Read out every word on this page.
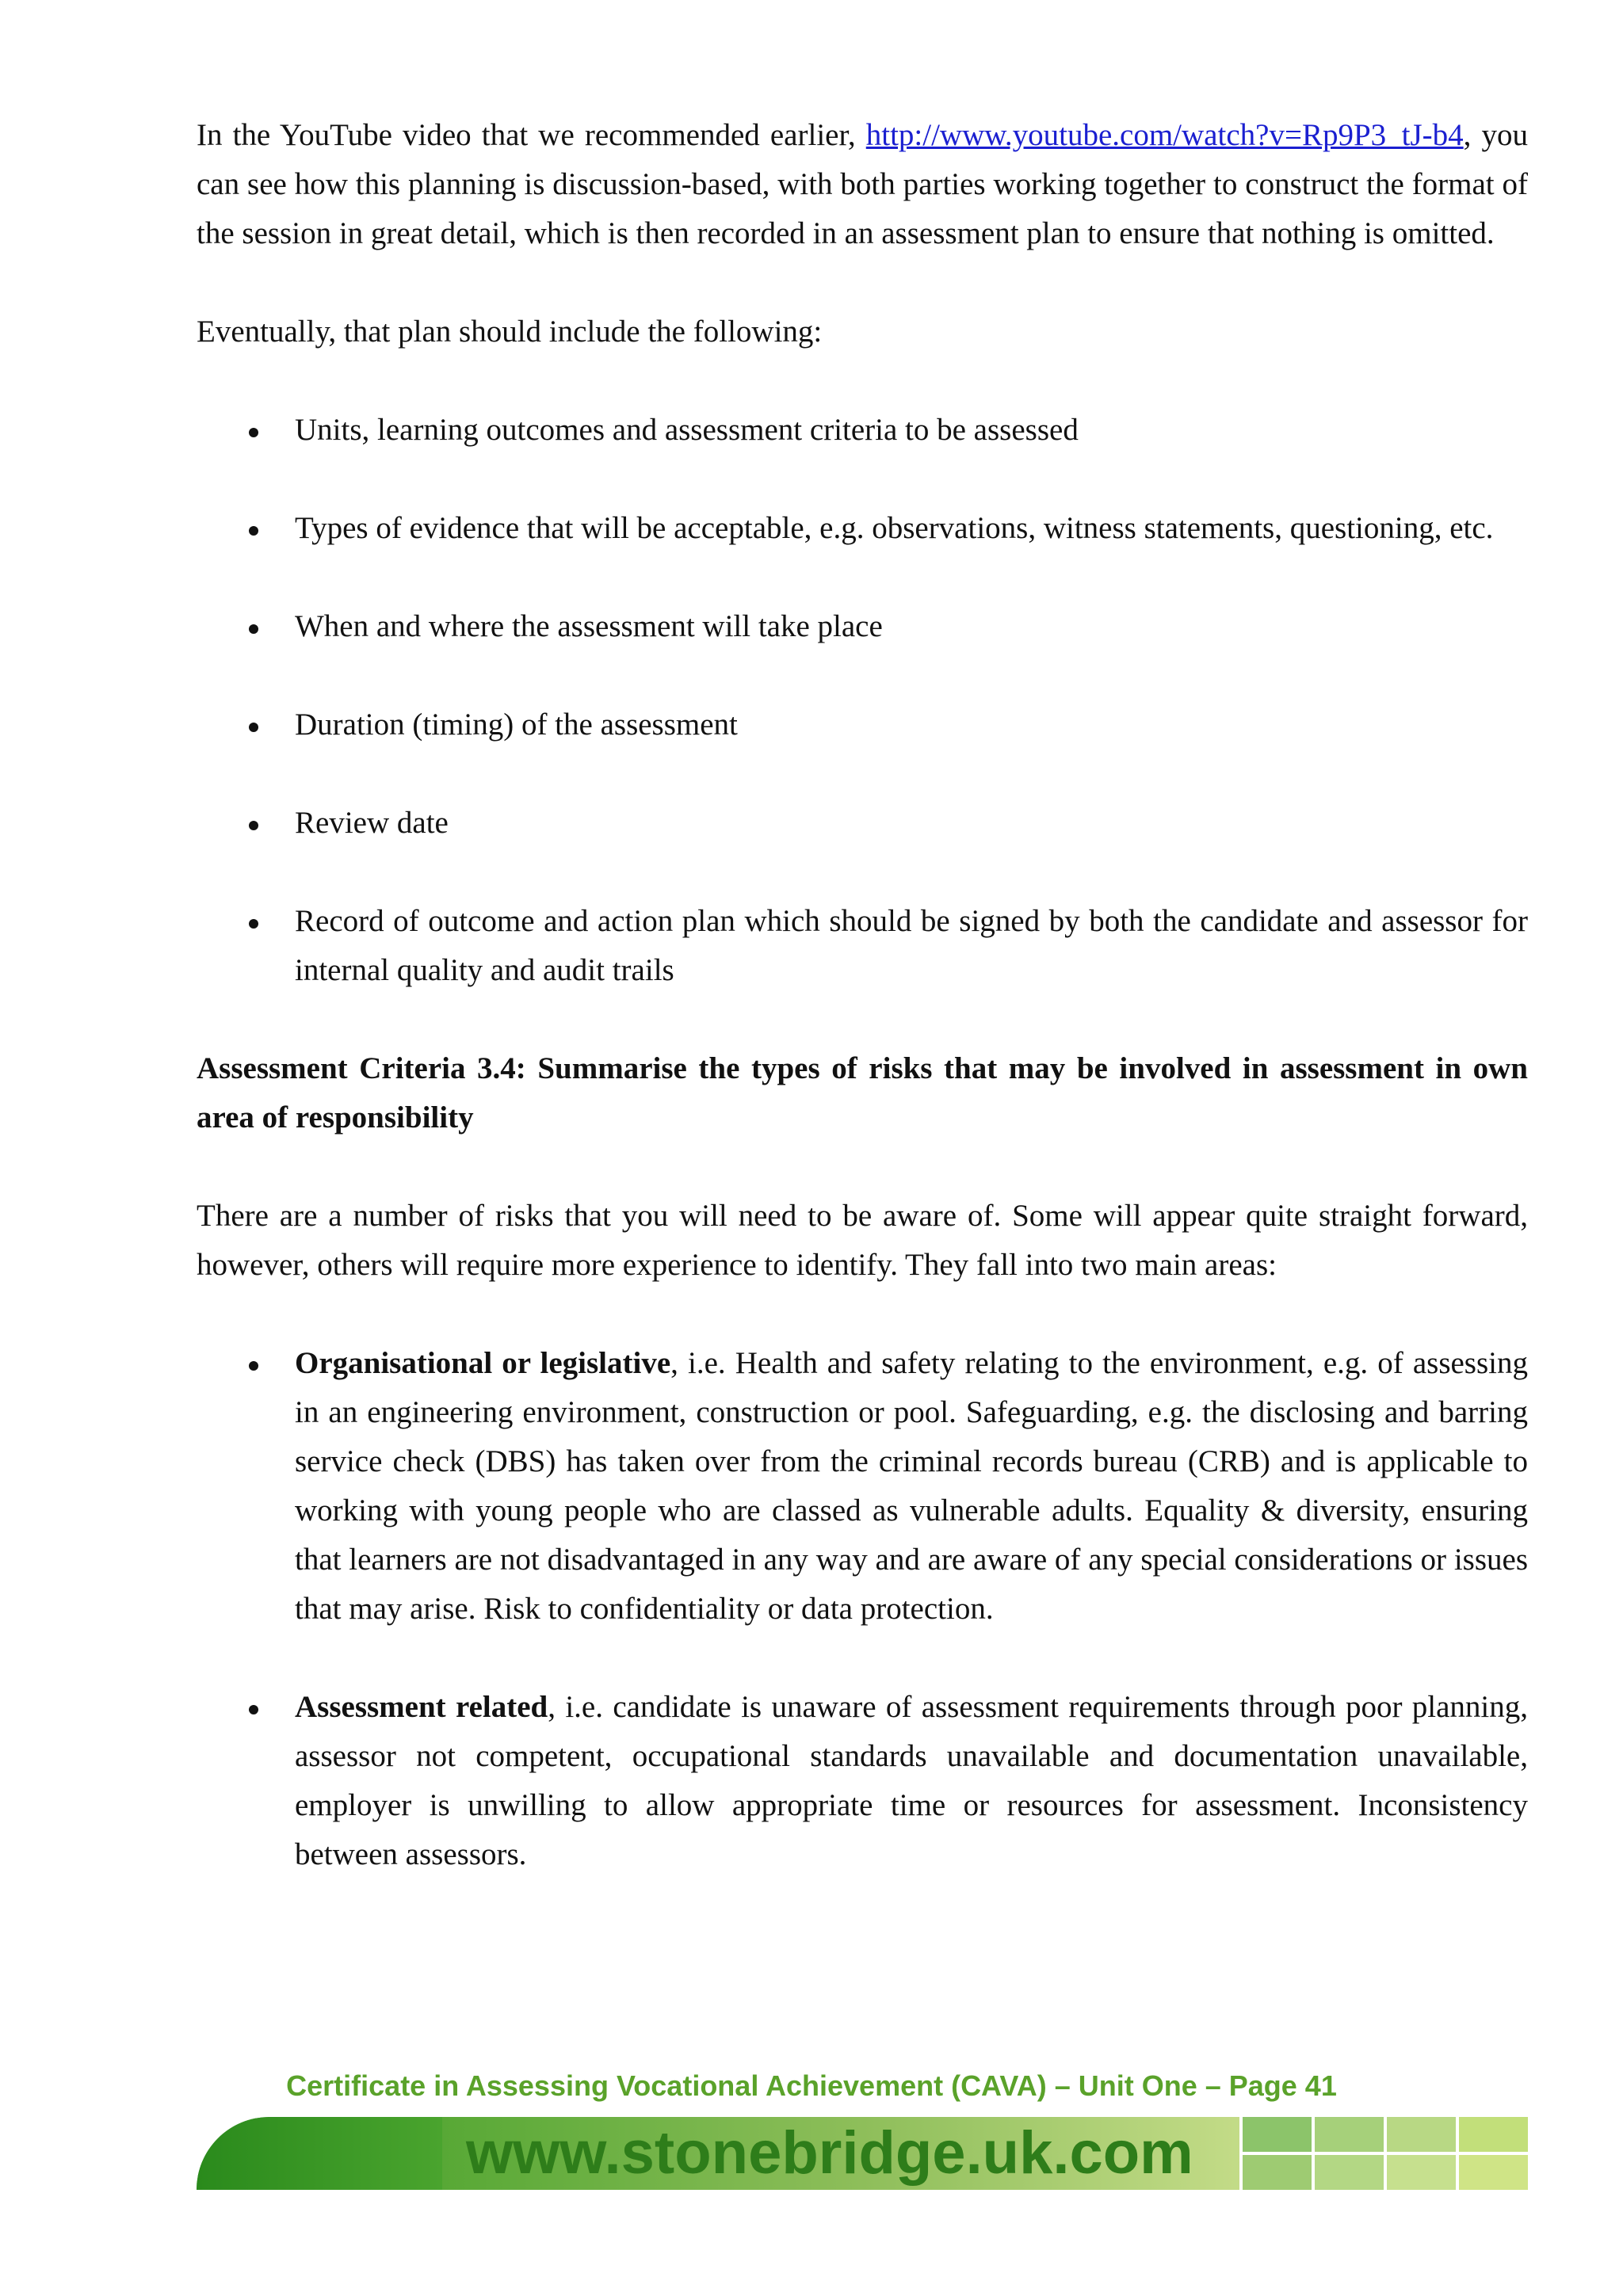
In the YouTube video that we recommended earlier, http://www.youtube.com/watch?v=Rp9P3_tJ-b4, you can see how this planning is discussion-based, with both parties working together to construct the format of the session in great detail, which is then recorded in an assessment plan to ensure that nothing is omitted.

Eventually, that plan should include the following:

Units, learning outcomes and assessment criteria to be assessed
Types of evidence that will be acceptable, e.g. observations, witness statements, questioning, etc.
When and where the assessment will take place
Duration (timing) of the assessment
Review date
Record of outcome and action plan which should be signed by both the candidate and assessor for internal quality and audit trails

Assessment Criteria 3.4: Summarise the types of risks that may be involved in assessment in own area of responsibility

There are a number of risks that you will need to be aware of. Some will appear quite straight forward, however, others will require more experience to identify. They fall into two main areas:

Organisational or legislative, i.e. Health and safety relating to the environment, e.g. of assessing in an engineering environment, construction or pool. Safeguarding, e.g. the disclosing and barring service check (DBS) has taken over from the criminal records bureau (CRB) and is applicable to working with young people who are classed as vulnerable adults. Equality & diversity, ensuring that learners are not disadvantaged in any way and are aware of any special considerations or issues that may arise. Risk to confidentiality or data protection.
Assessment related, i.e. candidate is unaware of assessment requirements through poor planning, assessor not competent, occupational standards unavailable and documentation unavailable, employer is unwilling to allow appropriate time or resources for assessment. Inconsistency between assessors.
Certificate in Assessing Vocational Achievement (CAVA) – Unit One – Page 41
www.stonebridge.uk.com
